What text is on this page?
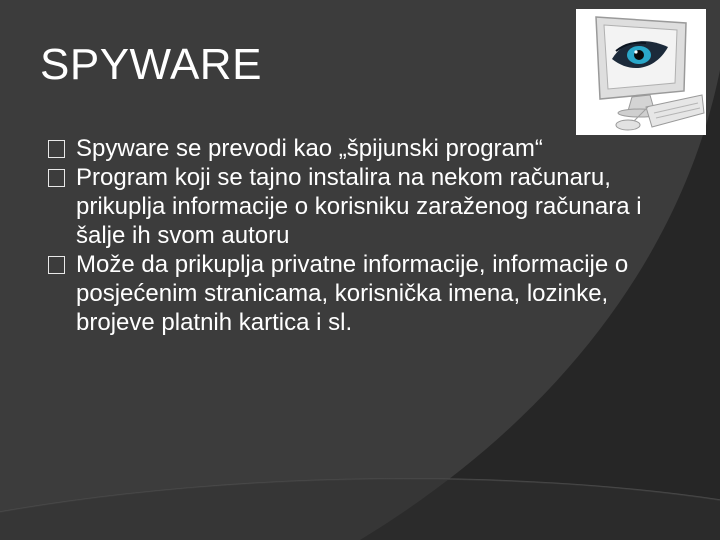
SPYWARE
Spyware se prevodi kao „špijunski program“
Program koji se tajno instalira na nekom računaru, prikuplja informacije o korisniku zaraženog računara i šalje ih svom autoru
Može da prikuplja privatne informacije, informacije o posjećenim stranicama, korisnička imena, lozinke, brojeve platnih kartica i sl.
